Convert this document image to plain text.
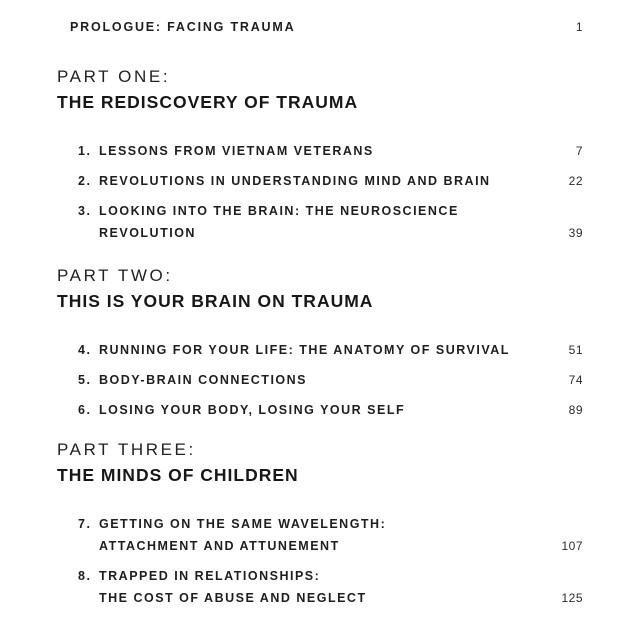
PROLOGUE: FACING TRAUMA	1
PART ONE:
THE REDISCOVERY OF TRAUMA
1. LESSONS FROM VIETNAM VETERANS	7
2. REVOLUTIONS IN UNDERSTANDING MIND AND BRAIN	22
3. LOOKING INTO THE BRAIN: THE NEUROSCIENCE
REVOLUTION	39
PART TWO:
THIS IS YOUR BRAIN ON TRAUMA
4. RUNNING FOR YOUR LIFE: THE ANATOMY OF SURVIVAL	51
5. BODY-BRAIN CONNECTIONS	74
6. LOSING YOUR BODY, LOSING YOUR SELF	89
PART THREE:
THE MINDS OF CHILDREN
7. GETTING ON THE SAME WAVELENGTH:
ATTACHMENT AND ATTUNEMENT	107
8. TRAPPED IN RELATIONSHIPS:
THE COST OF ABUSE AND NEGLECT	125
